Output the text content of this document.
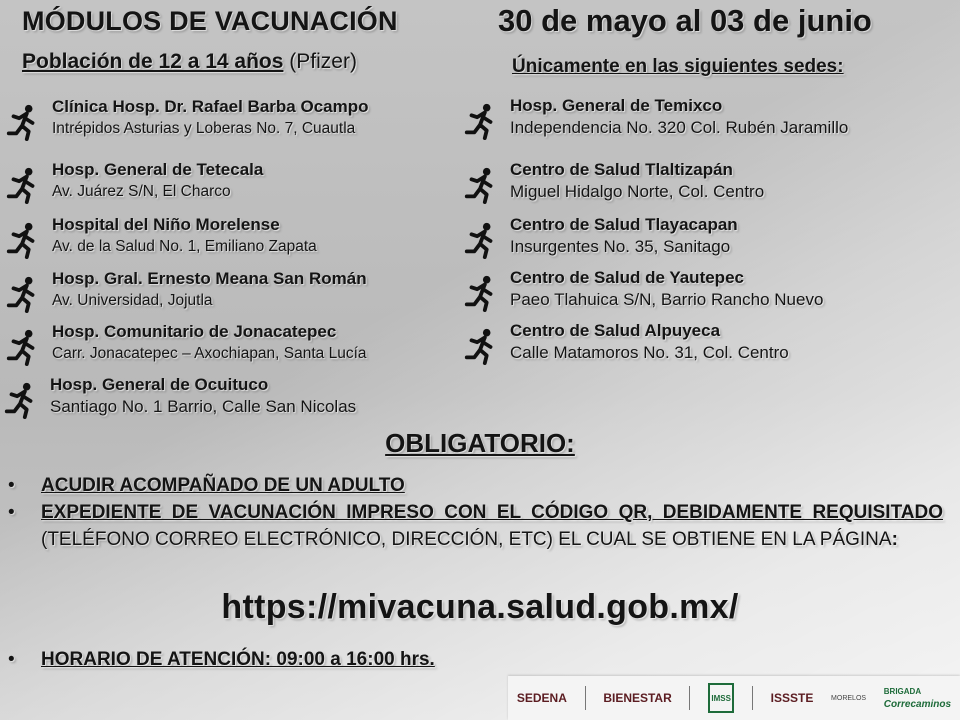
MÓDULOS DE VACUNACIÓN	30 de mayo al 03 de junio
Población de 12 a 14 años (Pfizer)	Únicamente en las siguientes sedes:
Clínica Hosp. Dr. Rafael Barba Ocampo
Intrépidos Asturias y Loberas No. 7, Cuautla
Hosp. General de Tetecala
Av. Juárez S/N, El Charco
Hospital del Niño Morelense
Av. de la Salud No. 1, Emiliano Zapata
Hosp. Gral. Ernesto Meana San Román
Av. Universidad, Jojutla
Hosp. Comunitario de Jonacatepec
Carr. Jonacatepec – Axochiapan, Santa Lucía
Hosp. General de Ocuituco
Santiago No. 1 Barrio, Calle San Nicolas
Hosp. General de Temixco
Independencia No. 320 Col. Rubén Jaramillo
Centro de Salud Tlaltizapán
Miguel Hidalgo Norte, Col. Centro
Centro de Salud Tlayacapan
Insurgentes No. 35, Sanitago
Centro de Salud de Yautepec
Paeo Tlahuica S/N, Barrio Rancho Nuevo
Centro de Salud Alpuyeca
Calle Matamoros No. 31, Col. Centro
OBLIGATORIO:
•	ACUDIR ACOMPAÑADO DE UN ADULTO
•	EXPEDIENTE DE VACUNACIÓN IMPRESO CON EL CÓDIGO QR, DEBIDAMENTE REQUISITADO (TELÉFONO CORREO ELECTRÓNICO, DIRECCIÓN, ETC) EL CUAL SE OBTIENE EN LA PÁGINA:
https://mivacuna.salud.gob.mx/
•	HORARIO DE ATENCIÓN: 09:00 a 16:00 hrs.
SEDENA	BIENESTAR	IMSS	ISSSTE	MORELOS
BRIGADA
Correcaminos
